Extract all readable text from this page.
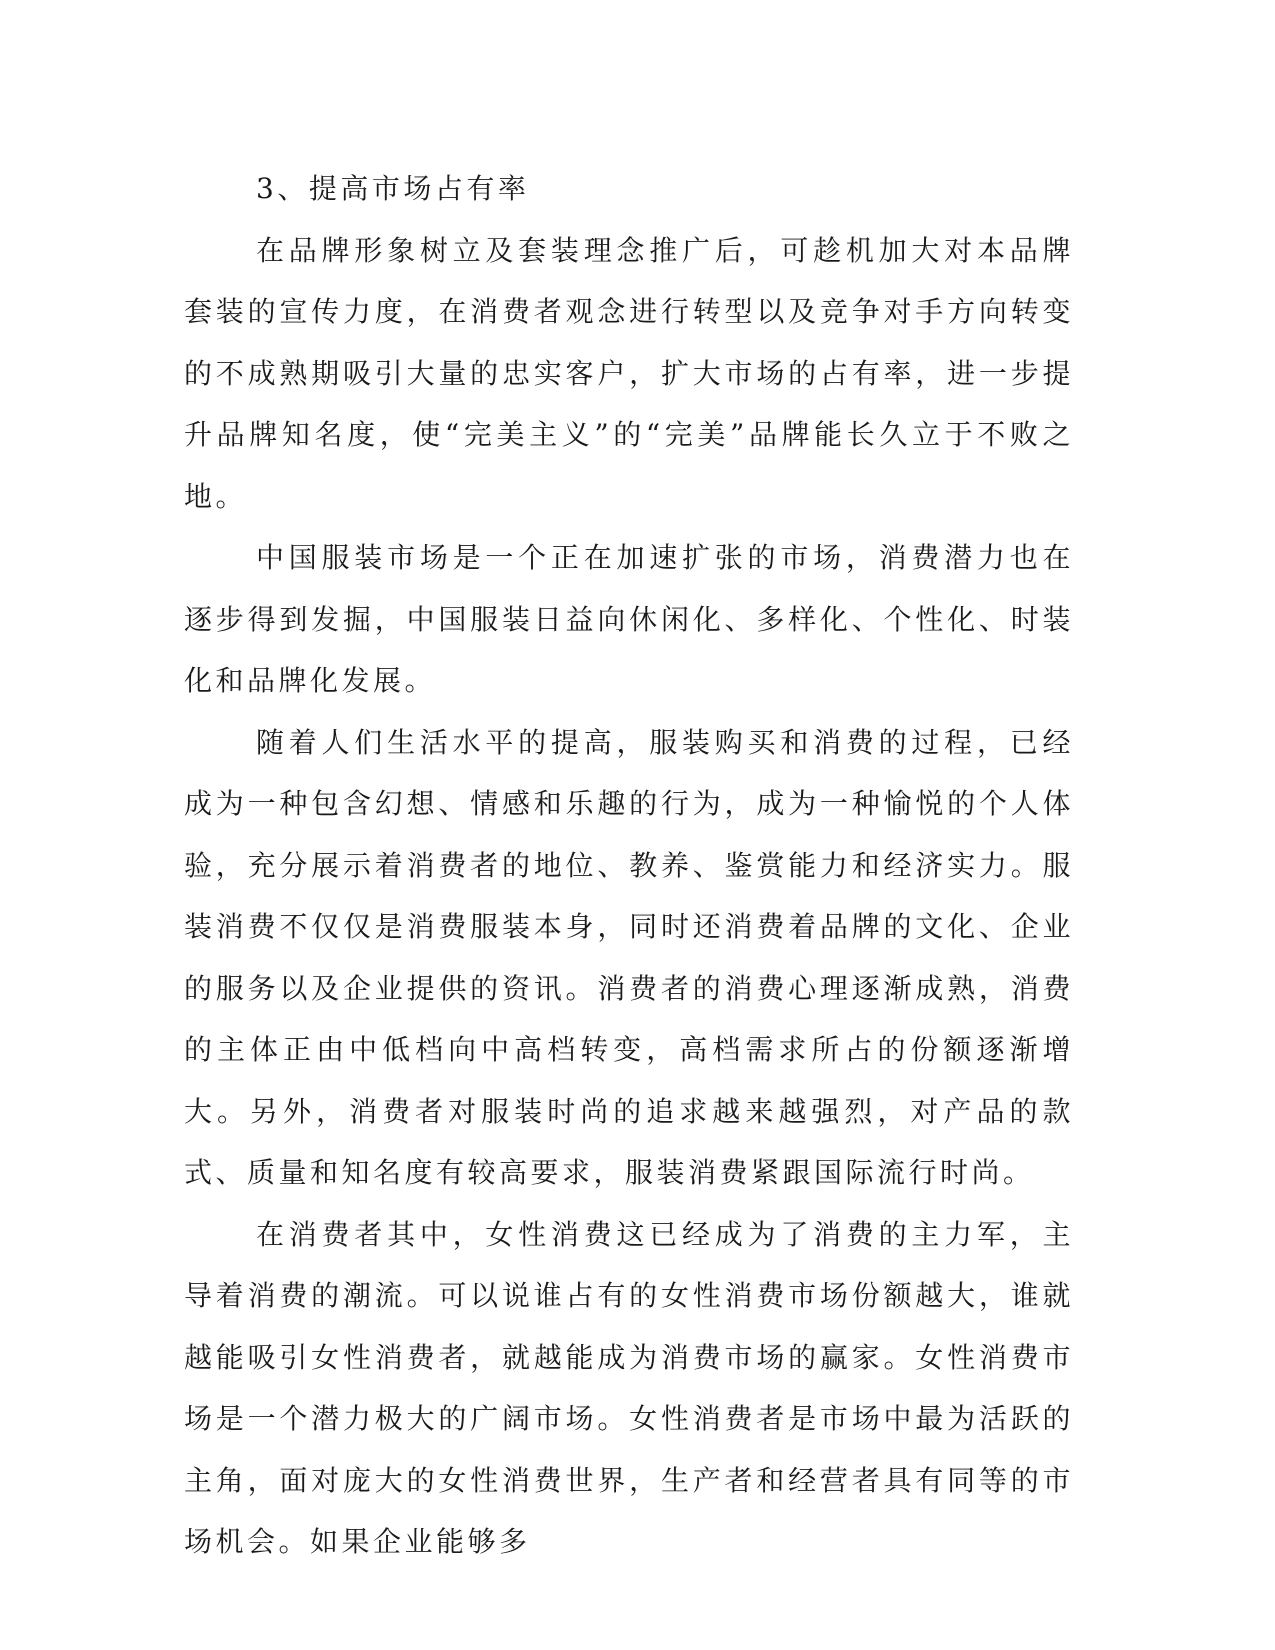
3、提高市场占有率

在品牌形象树立及套装理念推广后，可趁机加大对本品牌套装的宣传力度，在消费者观念进行转型以及竞争对手方向转变的不成熟期吸引大量的忠实客户，扩大市场的占有率，进一步提升品牌知名度，使“完美主义”的“完美”品牌能长久立于不败之地。

中国服装市场是一个正在加速扩张的市场，消费潜力也在逐步得到发掘，中国服装日益向休闲化、多样化、个性化、时装化和品牌化发展。

随着人们生活水平的提高，服装购买和消费的过程，已经成为一种包含幻想、情感和乐趣的行为，成为一种愉悦的个人体验，充分展示着消费者的地位、教养、鉴赏能力和经济实力。服装消费不仅仅是消费服装本身，同时还消费着品牌的文化、企业的服务以及企业提供的资讯。消费者的消费心理逐渐成熟，消费的主体正由中低档向中高档转变，高档需求所占的份额逐渐增大。另外，消费者对服装时尚的追求越来越强烈，对产品的款式、质量和知名度有较高要求，服装消费紧跟国际流行时尚。

在消费者其中，女性消费这已经成为了消费的主力军，主导着消费的潮流。可以说谁占有的女性消费市场份额越大，谁就越能吸引女性消费者，就越能成为消费市场的赢家。女性消费市场是一个潜力极大的广阔市场。女性消费者是市场中最为活跃的主角，面对庞大的女性消费世界，生产者和经营者具有同等的市场机会。如果企业能够多
